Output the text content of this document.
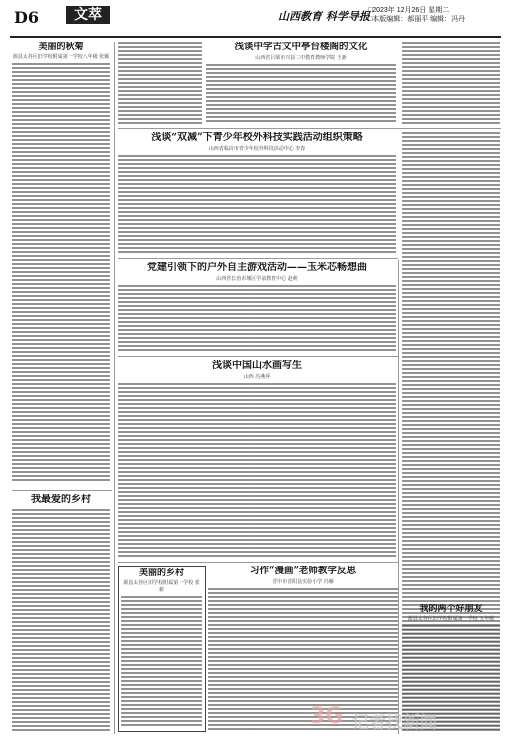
D6	文萃	山西教育 科学导报
□2023年 12月26日 星期二
□本版编辑：郝丽平 编辑：冯丹
美丽的秋菊
源县太谷区旧学校附属第一学校八年级 张颖
我最爱的乡村
浅谈中学古文中亭台楼阁的文化
山西省吕梁市兴县二中教育教师学院 王新
浅谈“双减”下青少年校外科技实践活动组织策略
山西省临汾市青少年校外科技活动中心 李春
党建引领下的户外自主游戏活动——玉米芯畅想曲
山西省长治市城区学前教育中心 赵莉
浅谈中国山水画写生
山西 冯燕萍
美丽的乡村
源县太谷区旧学校附属第一学校 张新
习作“漫画”老师教学反思
晋中市昔阳县实验小学 冯雁
我的两个好朋友
源县太谷区旧学校附属第一学校 五年级
3G 记者找新闻
